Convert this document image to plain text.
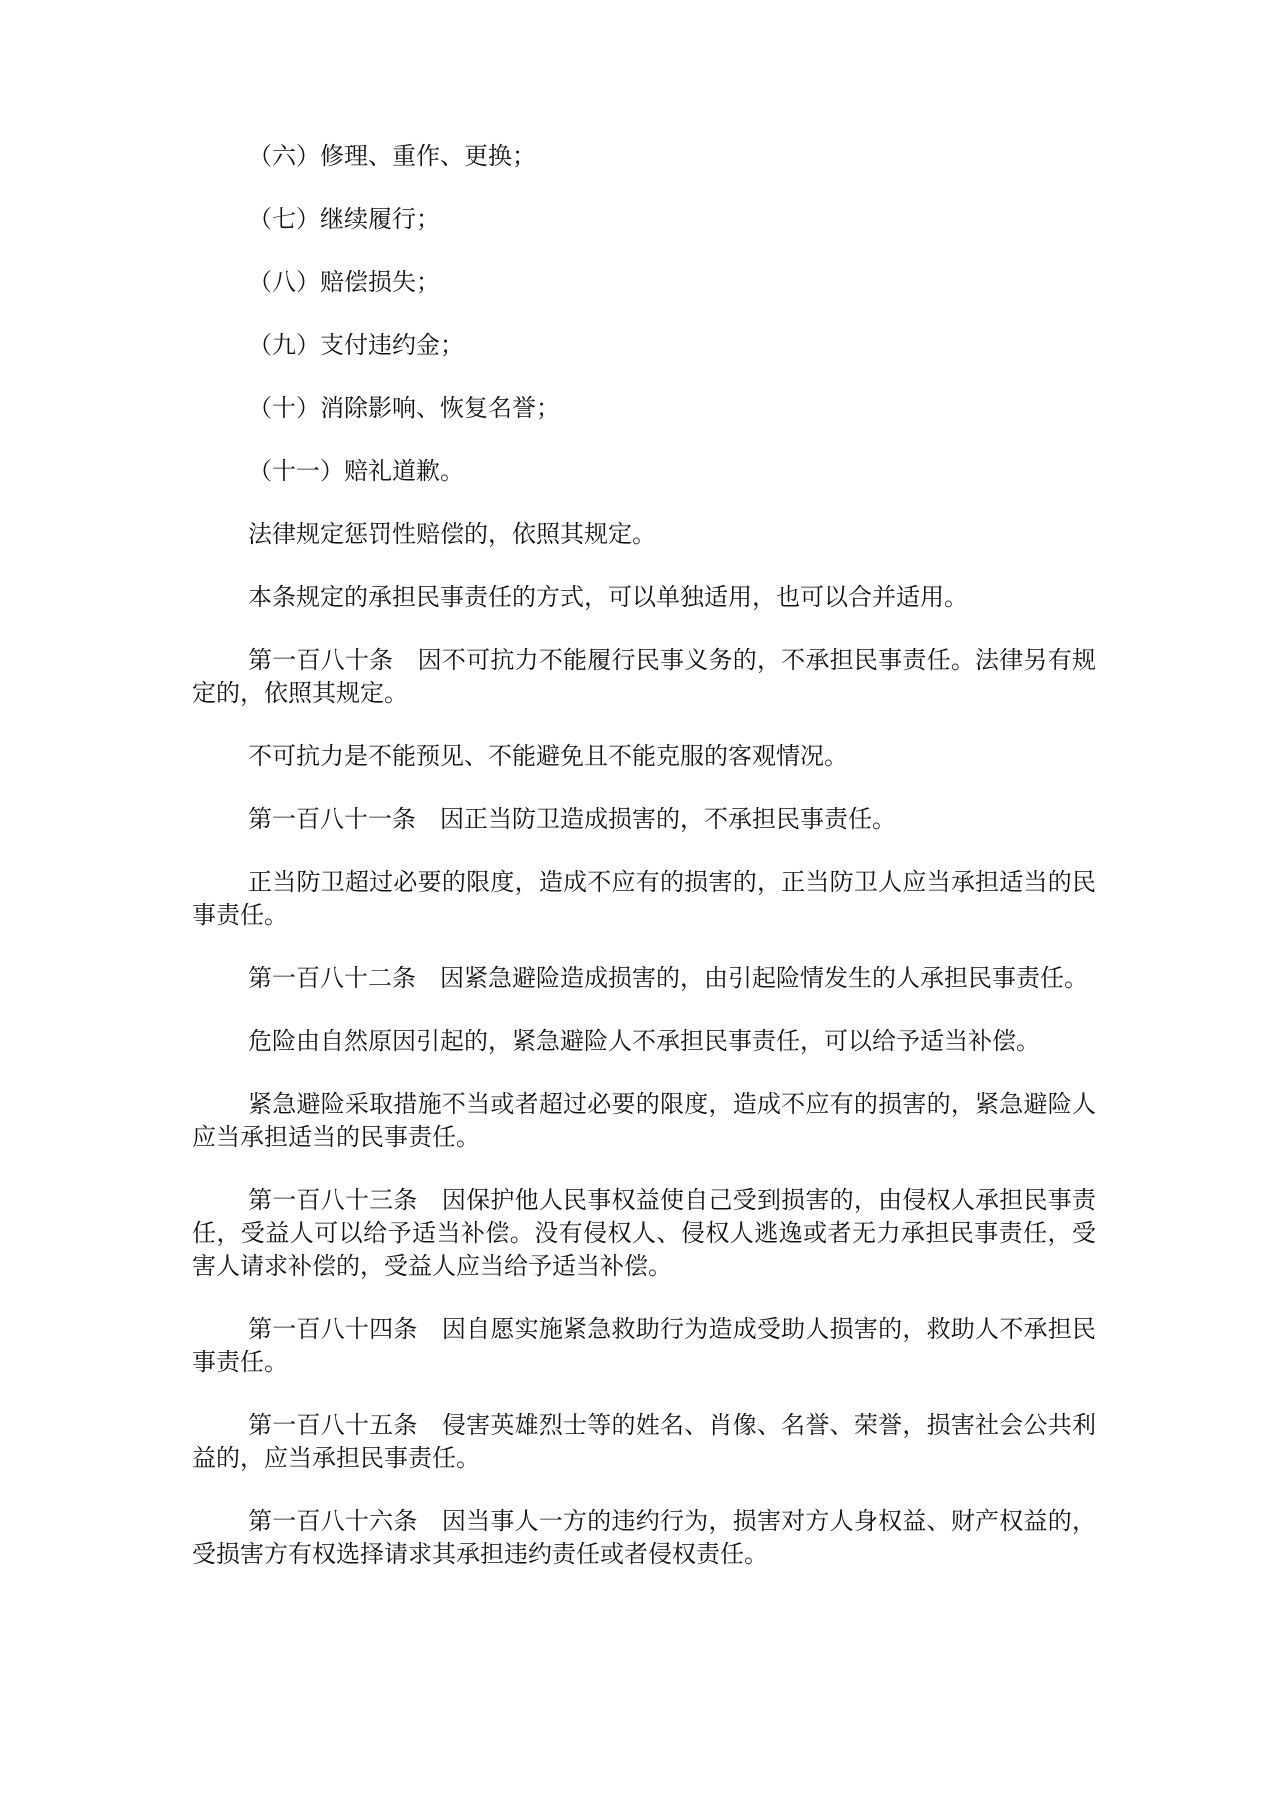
（六）修理、重作、更换；

（七）继续履行；

（八）赔偿损失；

（九）支付违约金；

（十）消除影响、恢复名誉；

（十一）赔礼道歉。

法律规定惩罚性赔偿的，依照其规定。

本条规定的承担民事责任的方式，可以单独适用，也可以合并适用。

第一百八十条　因不可抗力不能履行民事义务的，不承担民事责任。法律另有规定的，依照其规定。

不可抗力是不能预见、不能避免且不能克服的客观情况。

第一百八十一条　因正当防卫造成损害的，不承担民事责任。

正当防卫超过必要的限度，造成不应有的损害的，正当防卫人应当承担适当的民事责任。

第一百八十二条　因紧急避险造成损害的，由引起险情发生的人承担民事责任。

危险由自然原因引起的，紧急避险人不承担民事责任，可以给予适当补偿。

紧急避险采取措施不当或者超过必要的限度，造成不应有的损害的，紧急避险人应当承担适当的民事责任。

第一百八十三条　因保护他人民事权益使自己受到损害的，由侵权人承担民事责任，受益人可以给予适当补偿。没有侵权人、侵权人逃逸或者无力承担民事责任，受害人请求补偿的，受益人应当给予适当补偿。

第一百八十四条　因自愿实施紧急救助行为造成受助人损害的，救助人不承担民事责任。

第一百八十五条　侵害英雄烈士等的姓名、肖像、名誉、荣誉，损害社会公共利益的，应当承担民事责任。

第一百八十六条　因当事人一方的违约行为，损害对方人身权益、财产权益的，受损害方有权选择请求其承担违约责任或者侵权责任。
